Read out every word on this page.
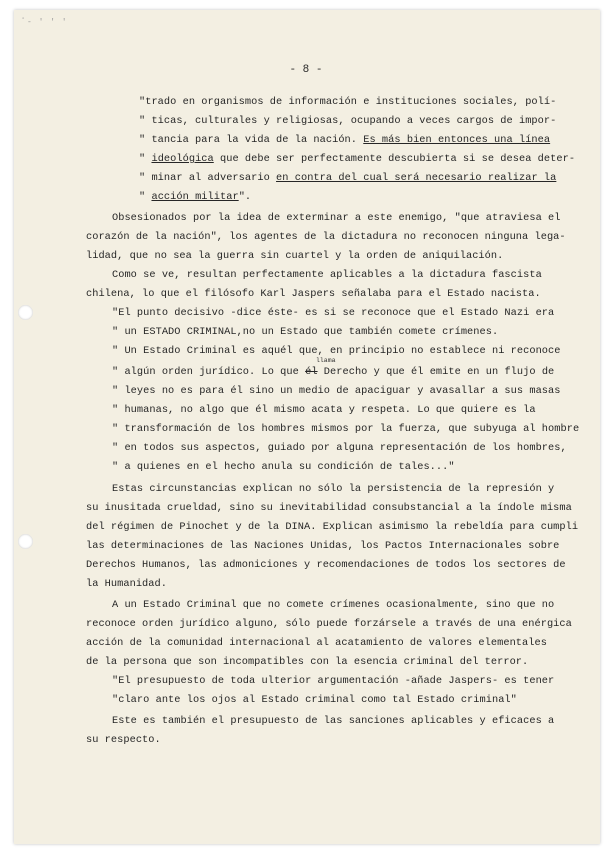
ﾟ- ' ' '
- 8 -
"trado en organismos de información e instituciones sociales, polí-
" ticas, culturales y religiosas, ocupando a veces cargos de impor-
" tancia para la vida de la nación. Es más bien entonces una línea
" ideológica que debe ser perfectamente descubierta si se desea deter-
" minar al adversario en contra del cual será necesario realizar la
" acción militar".
Obsesionados por la idea de exterminar a este enemigo, "que atraviesa el
corazón de la nación", los agentes de la dictadura no reconocen ninguna lega-
lidad, que no sea la guerra sin cuartel y la orden de aniquilación.
Como se ve, resultan perfectamente aplicables a la dictadura fascista
chilena, lo que el filósofo Karl Jaspers señalaba para el Estado nacista.
"El punto decisivo -dice éste- es si se reconoce que el Estado Nazi era
" un ESTADO CRIMINAL,no un Estado que también comete crímenes.
" Un Estado Criminal es aquél que, en principio no establece ni reconoce
llama
" algún orden jurídico. Lo que él Derecho y que él emite en un flujo de
" leyes no es para él sino un medio de apaciguar y avasallar a sus masas
" humanas, no algo que él mismo acata y respeta. Lo que quiere es la
" transformación de los hombres mismos por la fuerza, que subyuga al hombre
" en todos sus aspectos, guiado por alguna representación de los hombres,
" a quienes en el hecho anula su condición de tales..."
Estas circunstancias explican no sólo la persistencia de la represión y
su inusitada crueldad, sino su inevitabilidad consubstancial a la índole misma
del régimen de Pinochet y de la DINA. Explican asimismo la rebeldía para cumpli
las determinaciones de las Naciones Unidas, los Pactos Internacionales sobre
Derechos Humanos, las admoniciones y recomendaciones de todos los sectores de
la Humanidad.
A un Estado Criminal que no comete crímenes ocasionalmente, sino que no
reconoce orden jurídico alguno, sólo puede forzársele a través de una enérgica
acción de la comunidad internacional al acatamiento de valores elementales
de la persona que son incompatibles con la esencia criminal del terror.
"El presupuesto de toda ulterior argumentación -añade Jaspers- es tener
"claro ante los ojos al Estado criminal como tal Estado criminal"
Este es también el presupuesto de las sanciones aplicables y eficaces a
su respecto.
